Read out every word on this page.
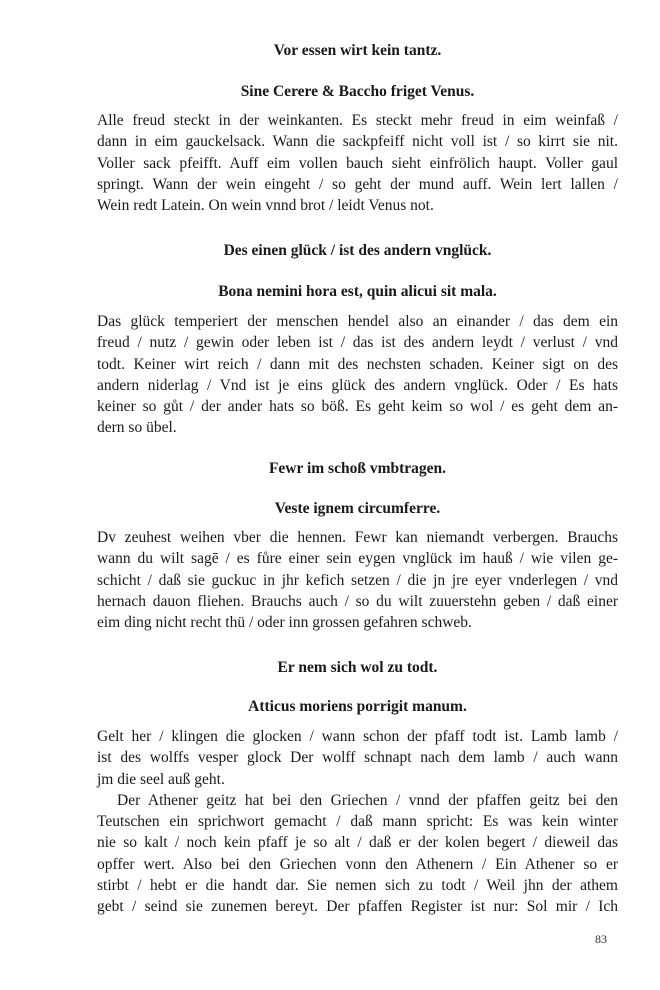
Vor essen wirt kein tantz.
Sine Cerere & Baccho friget Venus.
Alle freud steckt in der weinkanten. Es steckt mehr freud in eim weinfaß /
dann in eim gauckelsack. Wann die sackpfeiff nicht voll ist / so kirrt sie nit.
Voller sack pfeifft. Auff eim vollen bauch sieht einfrölich haupt. Voller gaul
springt. Wann der wein eingeht / so geht der mund auff. Wein lert lallen /
Wein redt Latein. On wein vnnd brot / leidt Venus not.
Des einen glück / ist des andern vnglück.
Bona nemini hora est, quin alicui sit mala.
Das glück temperiert der menschen hendel also an einander / das dem ein
freud / nutz / gewin oder leben ist / das ist des andern leydt / verlust / vnd
todt. Keiner wirt reich / dann mit des nechsten schaden. Keiner sigt on des
andern niderlag / Vnd ist je eins glück des andern vnglück. Oder / Es hats
keiner so gůt / der ander hats so böß. Es geht keim so wol / es geht dem an-
dern so übel.
Fewr im schoß vmbtragen.
Veste ignem circumferre.
Dv zeuhest weihen vber die hennen. Fewr kan niemandt verbergen. Brauchs
wann du wilt sagē / es fůre einer sein eygen vnglück im hauß / wie vilen ge-
schicht / daß sie guckuc in jhr kefich setzen / die jn jre eyer vnderlegen / vnd
hernach dauon fliehen. Brauchs auch / so du wilt zuuerstehn geben / daß einer
eim ding nicht recht thü / oder inn grossen gefahren schweb.
Er nem sich wol zu todt.
Atticus moriens porrigit manum.
Gelt her / klingen die glocken / wann schon der pfaff todt ist. Lamb lamb /
ist des wolffs vesper glock Der wolff schnapt nach dem lamb / auch wann
jm die seel auß geht.
Der Athener geitz hat bei den Griechen / vnnd der pfaffen geitz bei den
Teutschen ein sprichwort gemacht / daß mann spricht: Es was kein winter
nie so kalt / noch kein pfaff je so alt / daß er der kolen begert / dieweil das
opffer wert. Also bei den Griechen vonn den Athenern / Ein Athener so er
stirbt / hebt er die handt dar. Sie nemen sich zu todt / Weil jhn der athem
gebt / seind sie zunemen bereyt. Der pfaffen Register ist nur: Sol mir / Ich
83
